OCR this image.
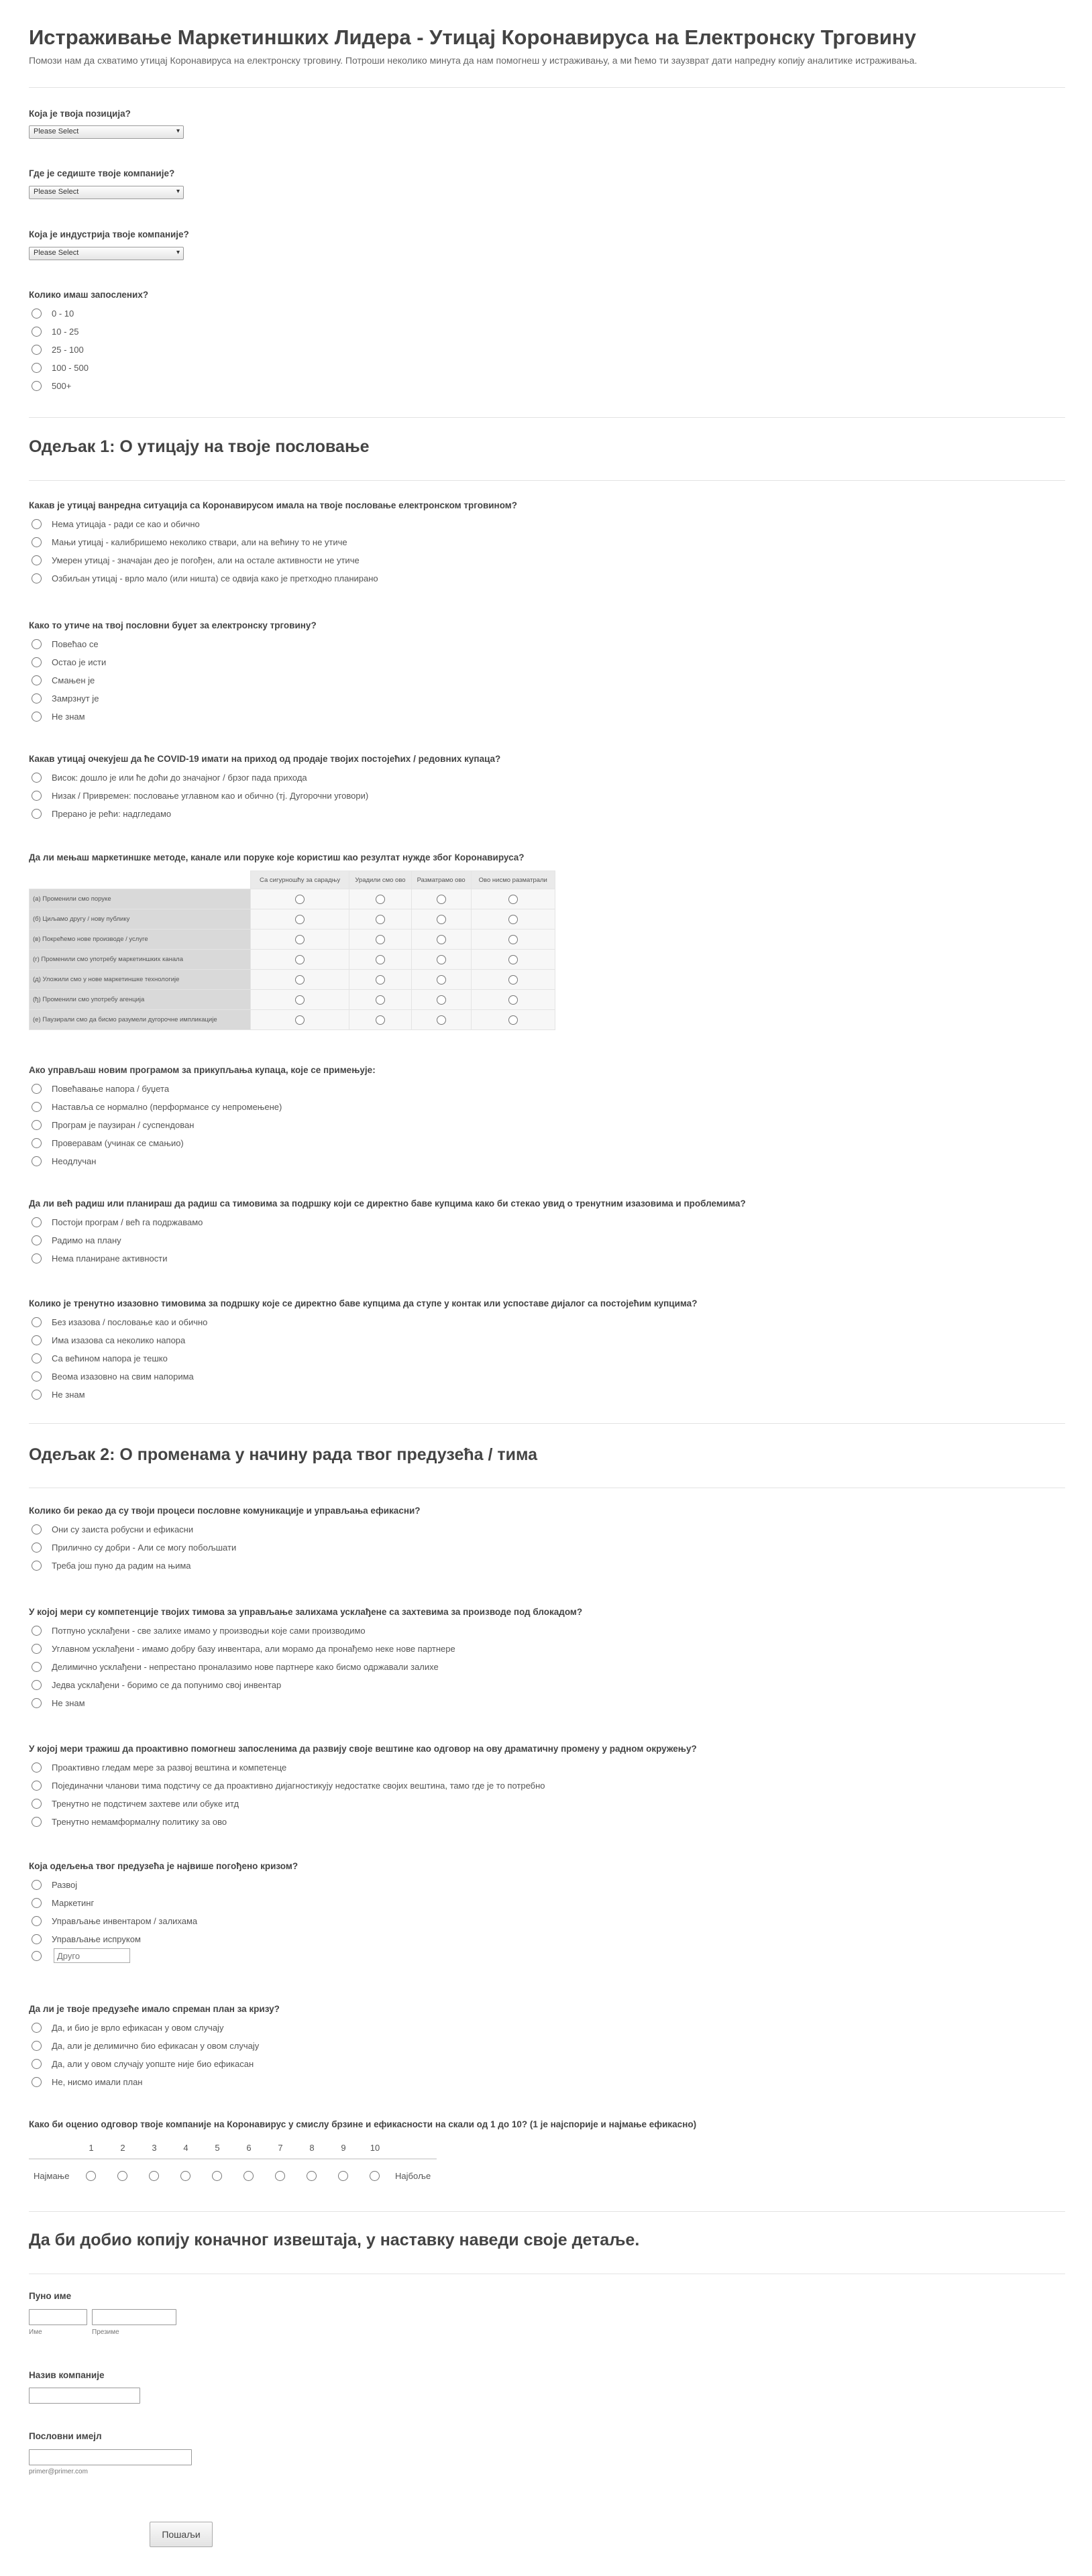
Истраживање Маркетиншких Лидера - Утицај Коронавируса на Електронску Трговину
Помози нам да схватимо утицај Коронавируса на електронску трговину. Потроши неколико минута да нам помогнеш у истраживању, а ми ћемо ти заузврат дати напредну копију аналитике истраживања.
Која је твоја позиција?
Please Select	▾
Где је седиште твоје компаније?
Please Select	▾
Која је индустрија твоје компаније?
Please Select	▾
Колико имаш запослених?
0 - 10
10 - 25
25 - 100
100 - 500
500+
Одељак 1: О утицају на твоје пословање
Какав је утицај ванредна ситуација са Коронавирусом имала на твоје пословање електронском трговином?
Нема утицаја - ради се као и обично
Мањи утицај - калибришемо неколико ствари, али на већину то не утиче
Умерен утицај - значајан део је погођен, али на остале активности не утиче
Озбиљан утицај - врло мало (или ништа) се одвија како је претходно планирано
Како то утиче на твој пословни буџет за електронску трговину?
Повећао се
Остао је исти
Смањен је
Замрзнут је
Не знам
Какав утицај очекујеш да ће COVID-19 имати на приход од продаје твојих постојећих / редовних купаца?
Висок: дошло је или ће доћи до значајног / брзог пада прихода
Низак / Привремен: пословање углавном као и обично (тј. Дугорочни уговори)
Прерано је рећи: надгледамо
Да ли мењаш маркетиншке методе, канале или поруке које користиш као резултат нужде због Коронавируса?
	Са сигурношћу за сарадњу	Урадили смо ово	Разматрамо ово	Ово нисмо разматрали
(a) Променили смо поруке				
(б) Циљамо другу / нову публику				
(в) Покрећемо нове производе / услуге				
(г) Променили смо употребу маркетиншких канала				
(д) Уложили смо у нове маркетиншке технологије				
(ђ) Променили смо употребу агенција				
(е) Паузирали смо да бисмо разумели дугорочне импликације				
Ако управљаш новим програмом за прикупљања купаца, које се примењује:
Повећавање напора / буџета
Наставља се нормално (перформансе су непромењене)
Програм је паузиран / суспендован
Проверавам (учинак се смањио)
Неодлучан
Да ли већ радиш или планираш да радиш са тимовима за подршку који се директно баве купцима како би стекао увид о тренутним изазовима и проблемима?
Постоји програм / већ га подржавамо
Радимо на плану
Нема планиране активности
Колико је тренутно изазовно тимовима за подршку које се директно баве купцима да ступе у контак или успоставе дијалог са постојећим купцима?
Без изазова / пословање као и обично
Има изазова са неколико напора
Са већином напора је тешко
Веома изазовно на свим напорима
Не знам
Одељак 2: О променама у начину рада твог предузећа / тима
Колико би рекао да су твоји процеси пословне комуникације и управљања ефикасни?
Они су заиста робусни и ефикасни
Прилично су добри - Али се могу побољшати
Треба још пуно да радим на њима
У којој мери су компетенције твојих тимова за управљање залихама усклађене са захтевима за производе под блокадом?
Потпуно усклађени - све залихе имамо у производњи које сами производимо
Углавном усклађени - имамо добру базу инвентара, али морамо да пронађемо неке нове партнере
Делимично усклађени - непрестано проналазимо нове партнере како бисмо одржавали залихе
Једва усклађени - боримо се да попунимо свој инвентар
Не знам
У којој мери тражиш да проактивно помогнеш запосленима да развију своје вештине као одговор на ову драматичну промену у радном окружењу?
Проактивно гледам мере за развој вештина и компетенце
Појединачни чланови тима подстичу се да проактивно дијагностикују недостатке својих вештина, тамо где је то потребно
Тренутно не подстичем захтеве или обуке итд
Тренутно немамформалну политику за ово
Која одељења твог предузећа је највише погођено кризом?
Развој
Маркетинг
Управљање инвентаром / залихама
Управљање испруком
Друго
Да ли је твоје предузеће имало спреман план за кризу?
Да, и био је врло ефикасан у овом случају
Да, али је делимично био ефикасан у овом случају
Да, али у овом случају уопште није био ефикасан
Не, нисмо имали план
Како би оценио одговор твоје компаније на Коронавирус у смислу брзине и ефикасности на скали од 1 до 10? (1 је најспорије и најмање ефикасно)
1	2	3	4	5	6	7	8	9	10
Најмање	Најбоље
Да би добио копију коначног извештаја, у наставку наведи своје детаље.
Пуно име
Име	Презиме
Назив компаније
Пословни имејл
primer@primer.com
Пошаљи
